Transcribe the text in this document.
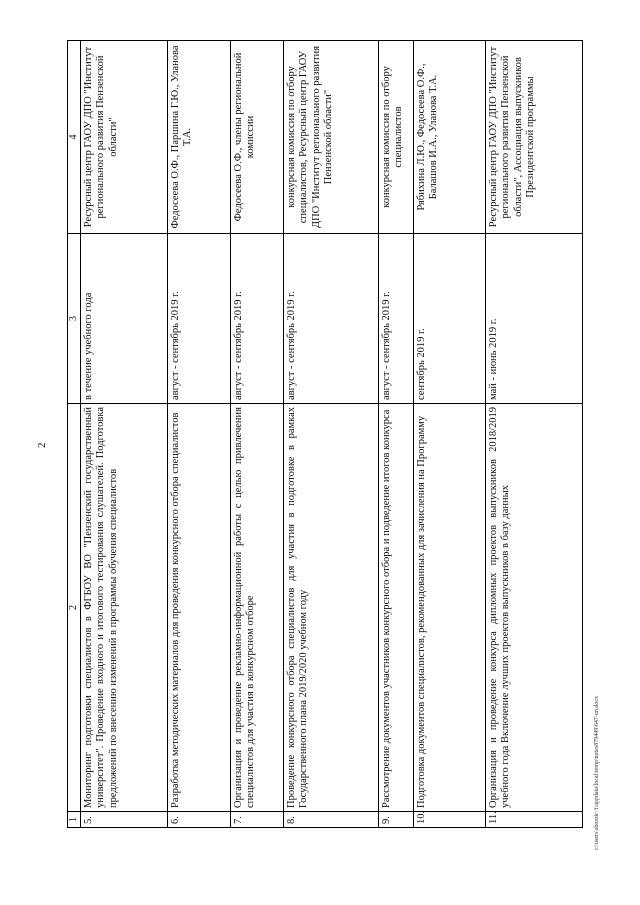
2
1	2	3	4
5.	Мониторинг подготовки специалистов в ФГБОУ ВО "Пензенский государственный университет". Проведение входного и итогового тестирования слушателей. Подготовка предложений по внесению изменений в программы обучения специалистов	в течение учебного года	Ресурсный центр ГАОУ ДПО "Институт регионального развития Пензенской области"
6.	Разработка методических материалов для проведения конкурсного отбора специалистов	август - сентябрь 2019 г.	Федосеева О.Ф., Паршина Г.Ю., Уланова Т.А.
7.	Организация и проведение рекламно-информационной работы с целью привлечения специалистов для участия в конкурсном отборе	август - сентябрь 2019 г.	Федосеева О.Ф., члены региональной комиссии
8.	Проведение конкурсного отбора специалистов для участия в подготовке в рамках Государственного плана 2019/2020 учебном году	август - сентябрь 2019 г.	конкурсная комиссия по отбору специалистов, Ресурсный центр ГАОУ ДПО "Институт регионального развития Пензенской области"
9.	Рассмотрение документов участников конкурсного отбора и подведение итогов конкурса	август - сентябрь 2019 г.	конкурсная комиссия по отбору специалистов
10.	Подготовка документов специалистов, рекомендованных для зачисления на Программу	сентябрь 2019 г.	Рябихина Л.Ю., Федосеева О.Ф., Балашов И.А., Уланова Т.А.
11.	Организация и проведение конкурса дипломных проектов выпускников 2018/2019 учебного года Включение лучших проектов выпускников в базу данных	май - июнь 2019 г.	Ресурсный центр ГАОУ ДПО "Институт регионального развития Пензенской области", Ассоциация выпускников Президентской программы
c:\users\sborok~1\appdata\local\temp\notes879449\647-un.docx
